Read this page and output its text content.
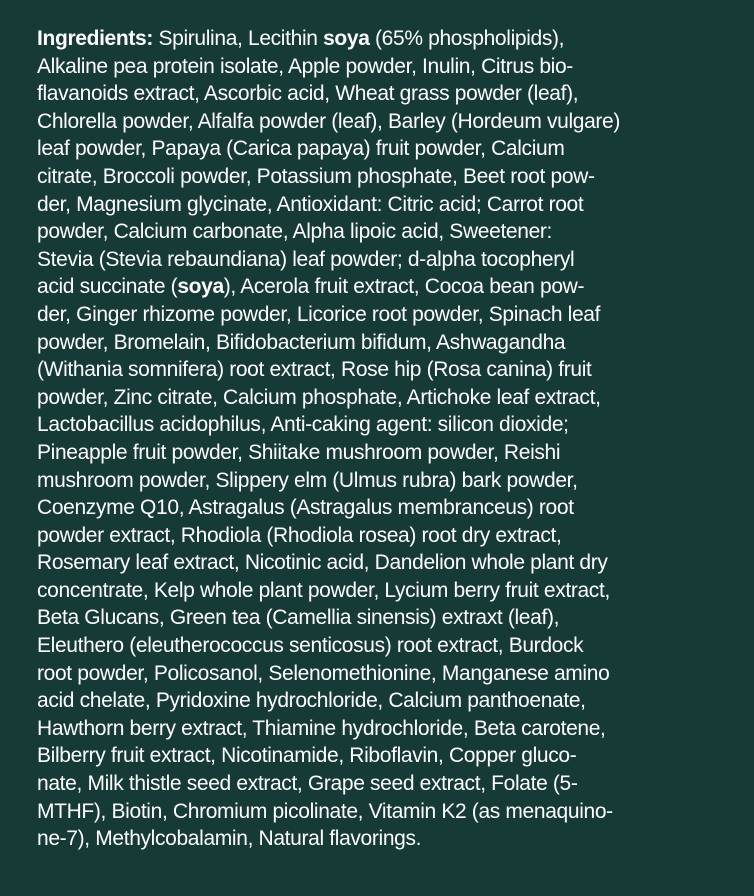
Ingredients: Spirulina, Lecithin soya (65% phospholipids),
Alkaline pea protein isolate, Apple powder, Inulin, Citrus bio-
flavanoids extract, Ascorbic acid, Wheat grass powder (leaf),
Chlorella powder, Alfalfa powder (leaf), Barley (Hordeum vulgare)
leaf powder, Papaya (Carica papaya) fruit powder, Calcium
citrate, Broccoli powder, Potassium phosphate, Beet root pow-
der, Magnesium glycinate, Antioxidant: Citric acid; Carrot root
powder, Calcium carbonate, Alpha lipoic acid, Sweetener:
Stevia (Stevia rebaundiana) leaf powder; d-alpha tocopheryl
acid succinate (soya), Acerola fruit extract, Cocoa bean pow-
der, Ginger rhizome powder, Licorice root powder, Spinach leaf
powder, Bromelain, Bifidobacterium bifidum, Ashwagandha
(Withania somnifera) root extract, Rose hip (Rosa canina) fruit
powder, Zinc citrate, Calcium phosphate, Artichoke leaf extract,
Lactobacillus acidophilus, Anti-caking agent: silicon dioxide;
Pineapple fruit powder, Shiitake mushroom powder, Reishi
mushroom powder, Slippery elm (Ulmus rubra) bark powder,
Coenzyme Q10, Astragalus (Astragalus membranceus) root
powder extract, Rhodiola (Rhodiola rosea) root dry extract,
Rosemary leaf extract, Nicotinic acid, Dandelion whole plant dry
concentrate, Kelp whole plant powder, Lycium berry fruit extract,
Beta Glucans, Green tea (Camellia sinensis) extraxt (leaf),
Eleuthero (eleutherococcus senticosus) root extract, Burdock
root powder, Policosanol, Selenomethionine, Manganese amino
acid chelate, Pyridoxine hydrochloride, Calcium panthoenate,
Hawthorn berry extract, Thiamine hydrochloride, Beta carotene,
Bilberry fruit extract, Nicotinamide, Riboflavin, Copper gluco-
nate, Milk thistle seed extract, Grape seed extract, Folate (5-
MTHF), Biotin, Chromium picolinate, Vitamin K2 (as menaquino-
ne-7), Methylcobalamin, Natural flavorings.
